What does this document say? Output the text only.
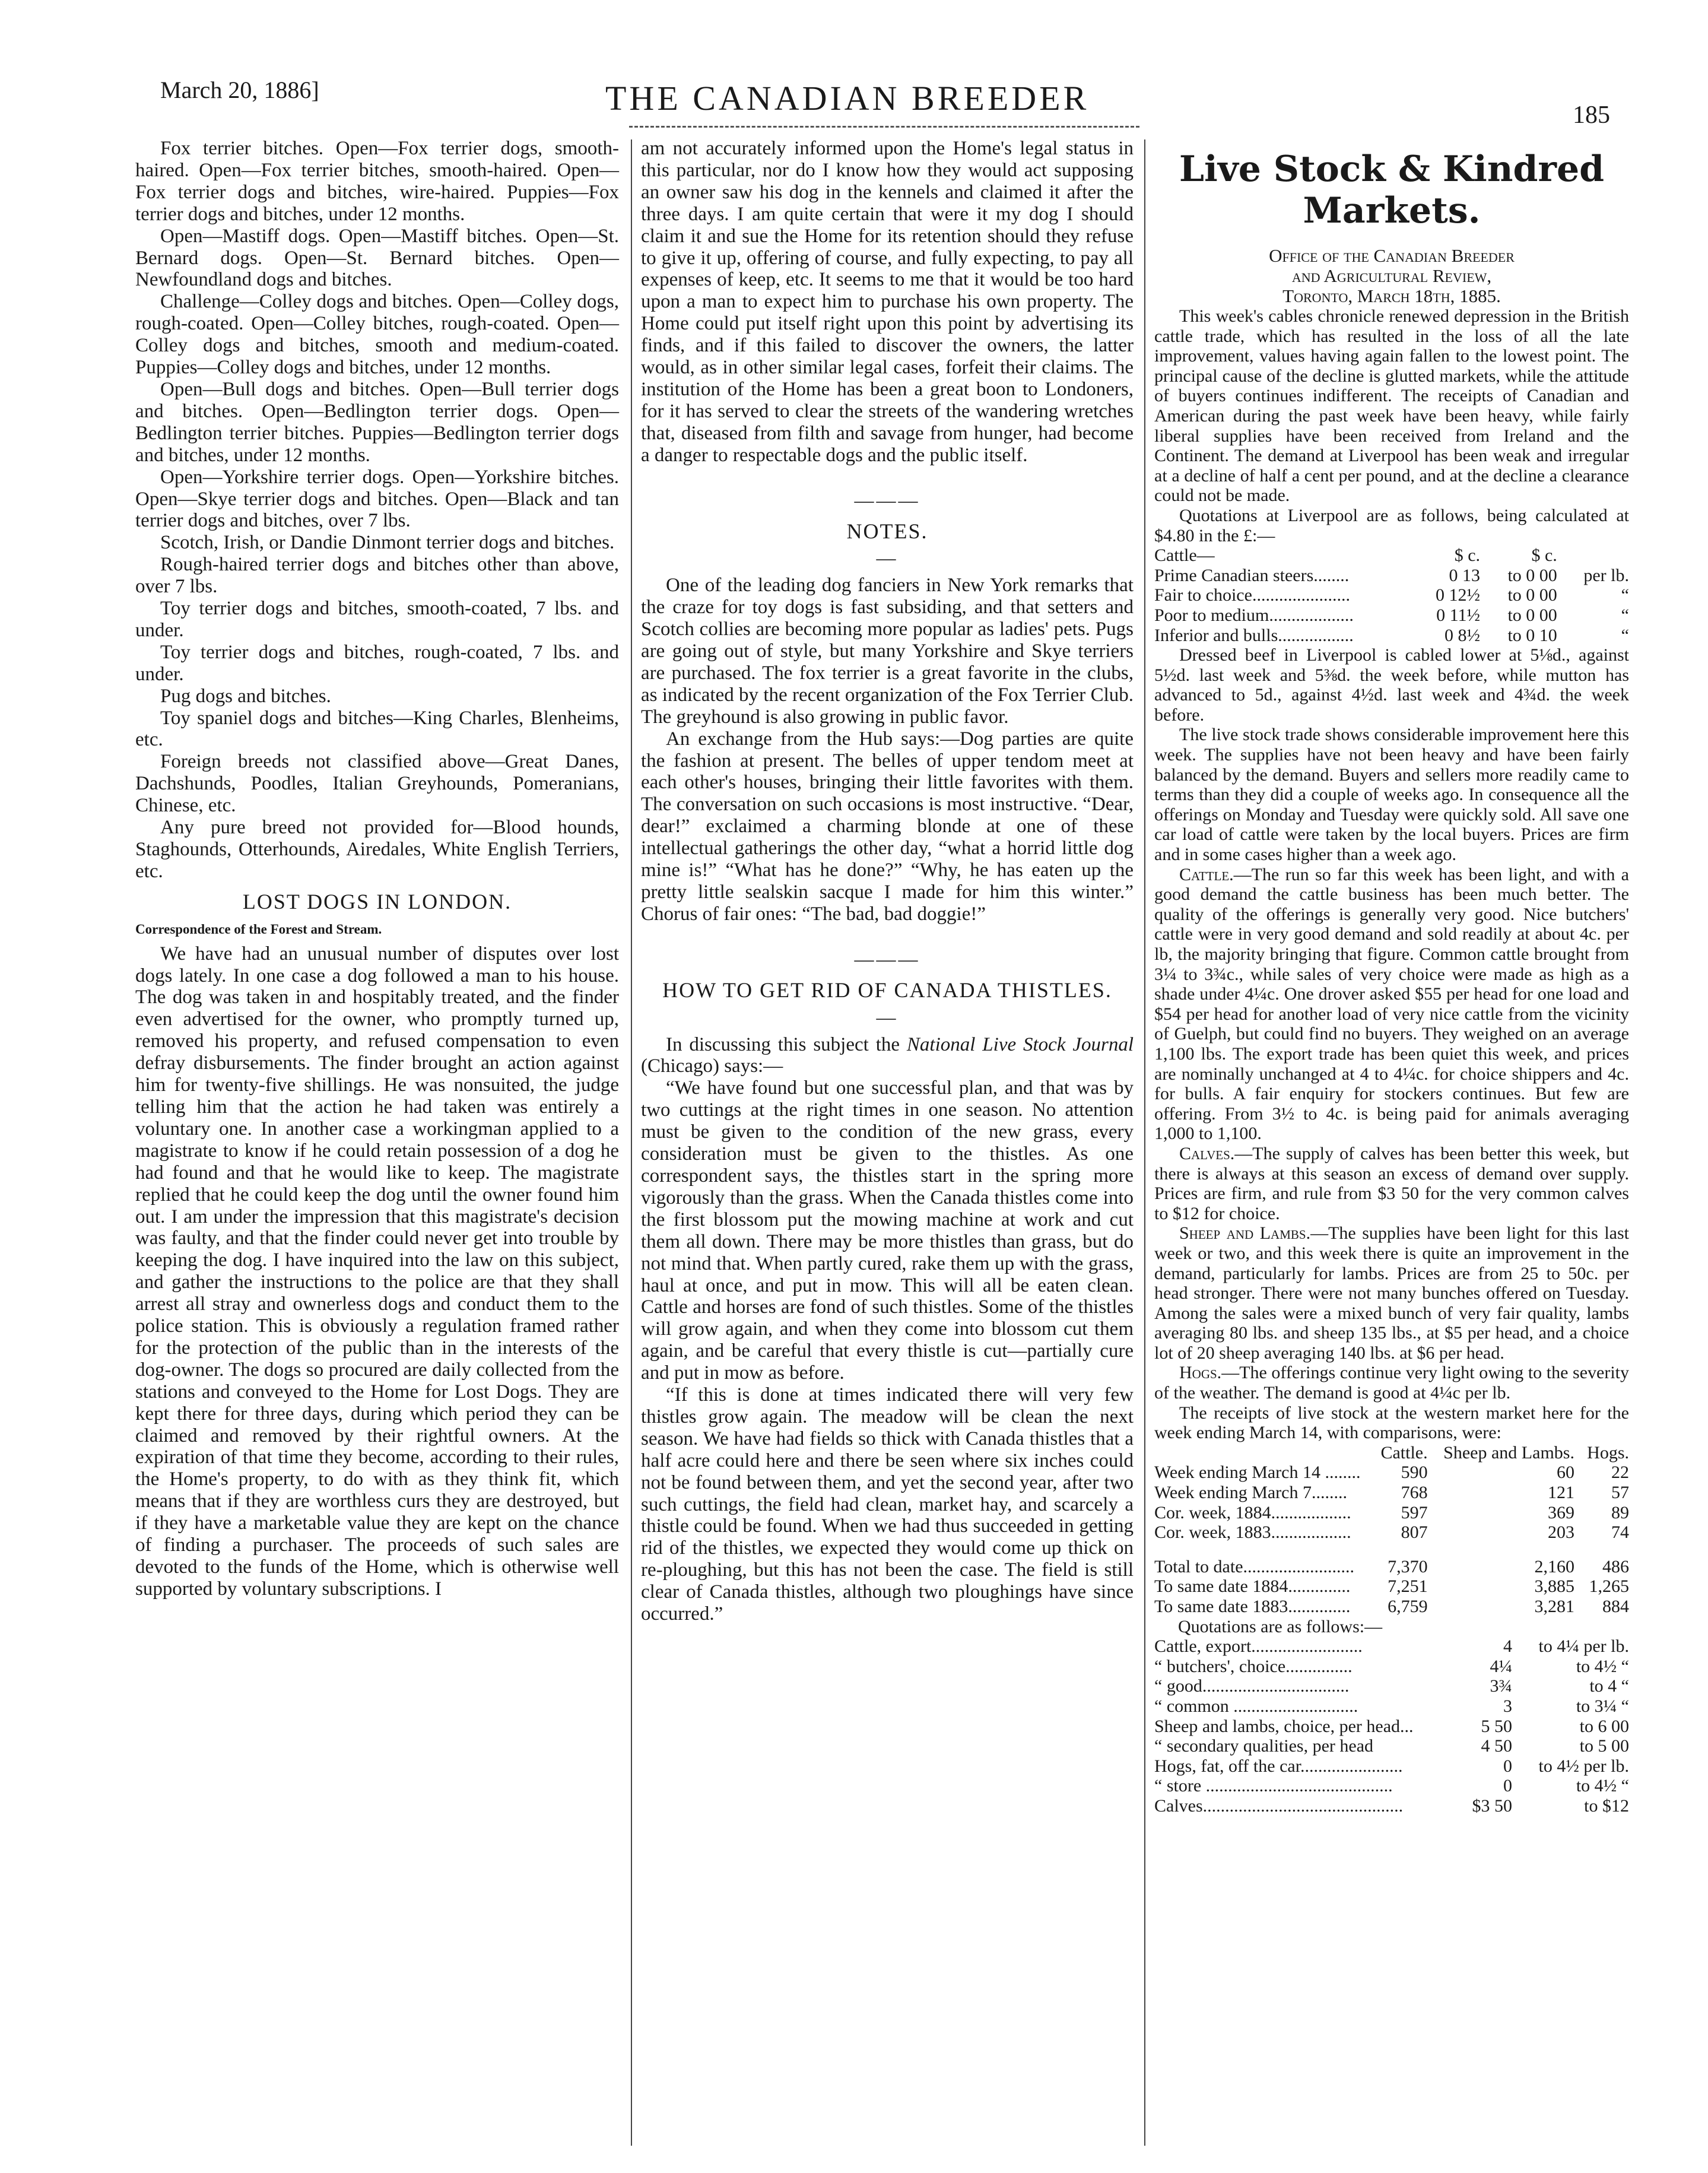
March 20, 1886]	THE CANADIAN BREEDER	185

Fox terrier bitches. Open—Fox terrier dogs, smooth-haired. Open—Fox terrier bitches, smooth-haired. Open—Fox terrier dogs and bitches, wire-haired. Puppies—Fox terrier dogs and bitches, under 12 months.

Open—Mastiff dogs. Open—Mastiff bitches. Open—St. Bernard dogs. Open—St. Bernard bitches. Open—Newfoundland dogs and bitches.

Challenge—Colley dogs and bitches. Open—Colley dogs, rough-coated. Open—Colley bitches, rough-coated. Open—Colley dogs and bitches, smooth and medium-coated. Puppies—Colley dogs and bitches, under 12 months.

Open—Bull dogs and bitches. Open—Bull terrier dogs and bitches. Open—Bedlington terrier dogs. Open—Bedlington terrier bitches. Puppies—Bedlington terrier dogs and bitches, under 12 months.

Open—Yorkshire terrier dogs. Open—Yorkshire bitches. Open—Skye terrier dogs and bitches. Open—Black and tan terrier dogs and bitches, over 7 lbs.

Scotch, Irish, or Dandie Dinmont terrier dogs and bitches.

Rough-haired terrier dogs and bitches other than above, over 7 lbs.

Toy terrier dogs and bitches, smooth-coated, 7 lbs. and under.

Toy terrier dogs and bitches, rough-coated, 7 lbs. and under.

Pug dogs and bitches.

Toy spaniel dogs and bitches—King Charles, Blenheims, etc.

Foreign breeds not classified above—Great Danes, Dachshunds, Poodles, Italian Greyhounds, Pomeranians, Chinese, etc.

Any pure breed not provided for—Blood hounds, Staghounds, Otterhounds, Airedales, White English Terriers, etc.

LOST DOGS IN LONDON.

Correspondence of the Forest and Stream.

We have had an unusual number of disputes over lost dogs lately. In one case a dog followed a man to his house. The dog was taken in and hospitably treated, and the finder even advertised for the owner, who promptly turned up, removed his property, and refused compensation to even defray disbursements. The finder brought an action against him for twenty-five shillings. He was nonsuited, the judge telling him that the action he had taken was entirely a voluntary one. In another case a workingman applied to a magistrate to know if he could retain possession of a dog he had found and that he would like to keep. The magistrate replied that he could keep the dog until the owner found him out. I am under the impression that this magistrate's decision was faulty, and that the finder could never get into trouble by keeping the dog. I have inquired into the law on this subject, and gather the instructions to the police are that they shall arrest all stray and ownerless dogs and conduct them to the police station. This is obviously a regulation framed rather for the protection of the public than in the interests of the dog-owner. The dogs so procured are daily collected from the stations and conveyed to the Home for Lost Dogs. They are kept there for three days, during which period they can be claimed and removed by their rightful owners. At the expiration of that time they become, according to their rules, the Home's property, to do with as they think fit, which means that if they are worthless curs they are destroyed, but if they have a marketable value they are kept on the chance of finding a purchaser. The proceeds of such sales are devoted to the funds of the Home, which is otherwise well supported by voluntary subscriptions. I

am not accurately informed upon the Home's legal status in this particular, nor do I know how they would act supposing an owner saw his dog in the kennels and claimed it after the three days. I am quite certain that were it my dog I should claim it and sue the Home for its retention should they refuse to give it up, offering of course, and fully expecting, to pay all expenses of keep, etc. It seems to me that it would be too hard upon a man to expect him to purchase his own property. The Home could put itself right upon this point by advertising its finds, and if this failed to discover the owners, the latter would, as in other similar legal cases, forfeit their claims. The institution of the Home has been a great boon to Londoners, for it has served to clear the streets of the wandering wretches that, diseased from filth and savage from hunger, had become a danger to respectable dogs and the public itself.

———
NOTES.
—

One of the leading dog fanciers in New York remarks that the craze for toy dogs is fast subsiding, and that setters and Scotch collies are becoming more popular as ladies' pets. Pugs are going out of style, but many Yorkshire and Skye terriers are purchased. The fox terrier is a great favorite in the clubs, as indicated by the recent organization of the Fox Terrier Club. The greyhound is also growing in public favor.

An exchange from the Hub says:—Dog parties are quite the fashion at present. The belles of upper tendom meet at each other's houses, bringing their little favorites with them. The conversation on such occasions is most instructive. “Dear, dear!” exclaimed a charming blonde at one of these intellectual gatherings the other day, “what a horrid little dog mine is!” “What has he done?” “Why, he has eaten up the pretty little sealskin sacque I made for him this winter.” Chorus of fair ones: “The bad, bad doggie!”

———
HOW TO GET RID OF CANADA THISTLES.
—

In discussing this subject the National Live Stock Journal (Chicago) says:—

“We have found but one successful plan, and that was by two cuttings at the right times in one season. No attention must be given to the condition of the new grass, every consideration must be given to the thistles. As one correspondent says, the thistles start in the spring more vigorously than the grass. When the Canada thistles come into the first blossom put the mowing machine at work and cut them all down. There may be more thistles than grass, but do not mind that. When partly cured, rake them up with the grass, haul at once, and put in mow. This will all be eaten clean. Cattle and horses are fond of such thistles. Some of the thistles will grow again, and when they come into blossom cut them again, and be careful that every thistle is cut—partially cure and put in mow as before.

“If this is done at times indicated there will very few thistles grow again. The meadow will be clean the next season. We have had fields so thick with Canada thistles that a half acre could here and there be seen where six inches could not be found between them, and yet the second year, after two such cuttings, the field had clean, market hay, and scarcely a thistle could be found. When we had thus succeeded in getting rid of the thistles, we expected they would come up thick on re-ploughing, but this has not been the case. The field is still clear of Canada thistles, although two ploughings have since occurred.”

Live Stock & Kindred Markets.

Office of the Canadian Breeder

and Agricultural Review,

Toronto, March 18th, 1885.

This week's cables chronicle renewed depression in the British cattle trade, which has resulted in the loss of all the late improvement, values having again fallen to the lowest point. The principal cause of the decline is glutted markets, while the attitude of buyers continues indifferent. The receipts of Canadian and American during the past week have been heavy, while fairly liberal supplies have been received from Ireland and the Continent. The demand at Liverpool has been weak and irregular at a decline of half a cent per pound, and at the decline a clearance could not be made.

Quotations at Liverpool are as follows, being calculated at $4.80 in the £:—

Cattle—	$ c.	$ c.	
Prime Canadian steers........	0 13	to 0 00	per lb.
Fair to choice......................	0 12½	to 0 00	“
Poor to medium...................	0 11½	to 0 00	“
Inferior and bulls.................	0 8½	to 0 10	“

Dressed beef in Liverpool is cabled lower at 5⅛d., against 5½d. last week and 5⅜d. the week before, while mutton has advanced to 5d., against 4½d. last week and 4¾d. the week before.

The live stock trade shows considerable improvement here this week. The supplies have not been heavy and have been fairly balanced by the demand. Buyers and sellers more readily came to terms than they did a couple of weeks ago. In consequence all the offerings on Monday and Tuesday were quickly sold. All save one car load of cattle were taken by the local buyers. Prices are firm and in some cases higher than a week ago.

Cattle.—The run so far this week has been light, and with a good demand the cattle business has been much better. The quality of the offerings is generally very good. Nice butchers' cattle were in very good demand and sold readily at about 4c. per lb, the majority bringing that figure. Common cattle brought from 3¼ to 3¾c., while sales of very choice were made as high as a shade under 4¼c. One drover asked $55 per head for one load and $54 per head for another load of very nice cattle from the vicinity of Guelph, but could find no buyers. They weighed on an average 1,100 lbs. The export trade has been quiet this week, and prices are nominally unchanged at 4 to 4¼c. for choice shippers and 4c. for bulls. A fair enquiry for stockers continues. But few are offering. From 3½ to 4c. is being paid for animals averaging 1,000 to 1,100.

Calves.—The supply of calves has been better this week, but there is always at this season an excess of demand over supply. Prices are firm, and rule from $3 50 for the very common calves to $12 for choice.

Sheep and Lambs.—The supplies have been light for this last week or two, and this week there is quite an improvement in the demand, particularly for lambs. Prices are from 25 to 50c. per head stronger. There were not many bunches offered on Tuesday. Among the sales were a mixed bunch of very fair quality, lambs averaging 80 lbs. and sheep 135 lbs., at $5 per head, and a choice lot of 20 sheep averaging 140 lbs. at $6 per head.

Hogs.—The offerings continue very light owing to the severity of the weather. The demand is good at 4¼c per lb.

The receipts of live stock at the western market here for the week ending March 14, with comparisons, were:

	Cattle.	Sheep and Lambs.	Hogs.
Week ending March 14 ........	590	60	22
Week ending March 7........	768	121	57
Cor. week, 1884..................	597	369	89
Cor. week, 1883..................	807	203	74

Total to date.........................	7,370	2,160	486
To same date 1884..............	7,251	3,885	1,265
To same date 1883..............	6,759	3,281	884

Quotations are as follows:—

Cattle, export.........................	4	to 4¼ per lb.
“ butchers', choice...............	4¼	to 4½ “
“ good.................................	3¾	to 4 “
“ common ............................	3	to 3¼ “
Sheep and lambs, choice, per head...	5 50	to 6 00
“ secondary qualities, per head	4 50	to 5 00
Hogs, fat, off the car.......................	0	to 4½ per lb.
“ store ..........................................	0	to 4½ “
Calves.............................................	$3 50	to $12
